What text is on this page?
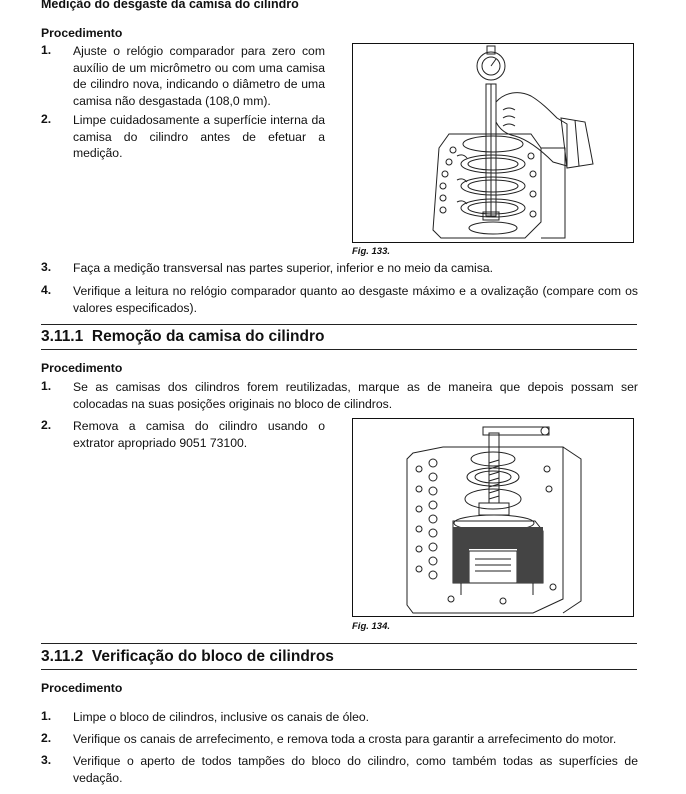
Medição do desgaste da camisa do cilindro
Procedimento
1.	Ajuste o relógio comparador para zero com auxílio de um micrômetro ou com uma camisa de cilindro nova, indicando o diâmetro de uma camisa não desgastada (108,0 mm).
2.	Limpe cuidadosamente a superfície interna da camisa do cilindro antes de efetuar a medição.
Fig. 133.
3.	Faça a medição transversal nas partes superior, inferior e no meio da camisa.
4.	Verifique a leitura no relógio comparador quanto ao desgaste máximo e a ovalização (compare com os valores especificados).
3.11.1 Remoção da camisa do cilindro
Procedimento
1.	Se as camisas dos cilindros forem reutilizadas, marque as de maneira que depois possam ser colocadas na suas posições originais no bloco de cilindros.
2.	Remova a camisa do cilindro usando o extrator apropriado 9051 73100.
Fig. 134.
3.11.2 Verificação do bloco de cilindros
Procedimento
1.	Limpe o bloco de cilindros, inclusive os canais de óleo.
2.	Verifique os canais de arrefecimento, e remova toda a crosta para garantir a arrefecimento do motor.
3.	Verifique o aperto de todos tampões do bloco do cilindro, como também todas as superfícies de vedação.
